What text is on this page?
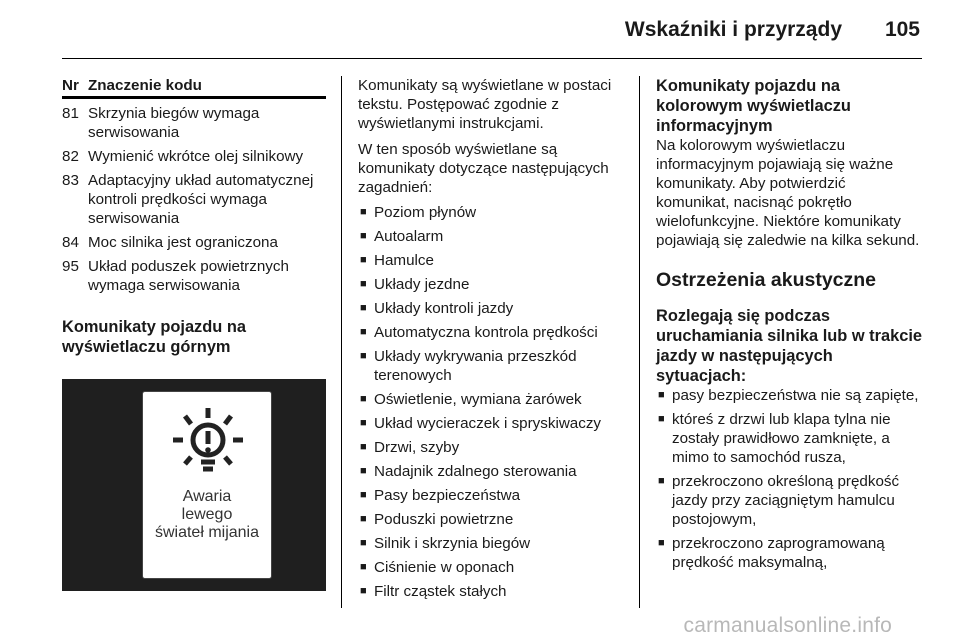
Wskaźniki i przyrządy 105
Nr Znaczenie kodu
81 Skrzynia biegów wymaga serwisowania
82 Wymienić wkrótce olej silnikowy
83 Adaptacyjny układ automatycznej kontroli prędkości wymaga serwisowania
84 Moc silnika jest ograniczona
95 Układ poduszek powietrznych wymaga serwisowania
Komunikaty pojazdu na wyświetlaczu górnym
Awaria
lewego
świateł mijania
Komunikaty są wyświetlane w postaci tekstu. Postępować zgodnie z wyświetlanymi instrukcjami.
W ten sposób wyświetlane są komunikaty dotyczące następujących zagadnień:
■ Poziom płynów
■ Autoalarm
■ Hamulce
■ Układy jezdne
■ Układy kontroli jazdy
■ Automatyczna kontrola prędkości
■ Układy wykrywania przeszkód terenowych
■ Oświetlenie, wymiana żarówek
■ Układ wycieraczek i spryskiwaczy
■ Drzwi, szyby
■ Nadajnik zdalnego sterowania
■ Pasy bezpieczeństwa
■ Poduszki powietrzne
■ Silnik i skrzynia biegów
■ Ciśnienie w oponach
■ Filtr cząstek stałych
Komunikaty pojazdu na kolorowym wyświetlaczu informacyjnym
Na kolorowym wyświetlaczu informacyjnym pojawiają się ważne komunikaty. Aby potwierdzić komunikat, nacisnąć pokrętło wielofunkcyjne. Niektóre komunikaty pojawiają się zaledwie na kilka sekund.
Ostrzeżenia akustyczne
Rozlegają się podczas uruchamiania silnika lub w trakcie jazdy w następujących sytuacjach:
■ pasy bezpieczeństwa nie są zapięte,
■ któreś z drzwi lub klapa tylna nie zostały prawidłowo zamknięte, a mimo to samochód rusza,
■ przekroczono określoną prędkość jazdy przy zaciągniętym hamulcu postojowym,
■ przekroczono zaprogramowaną prędkość maksymalną,
carmanualsonline.info
